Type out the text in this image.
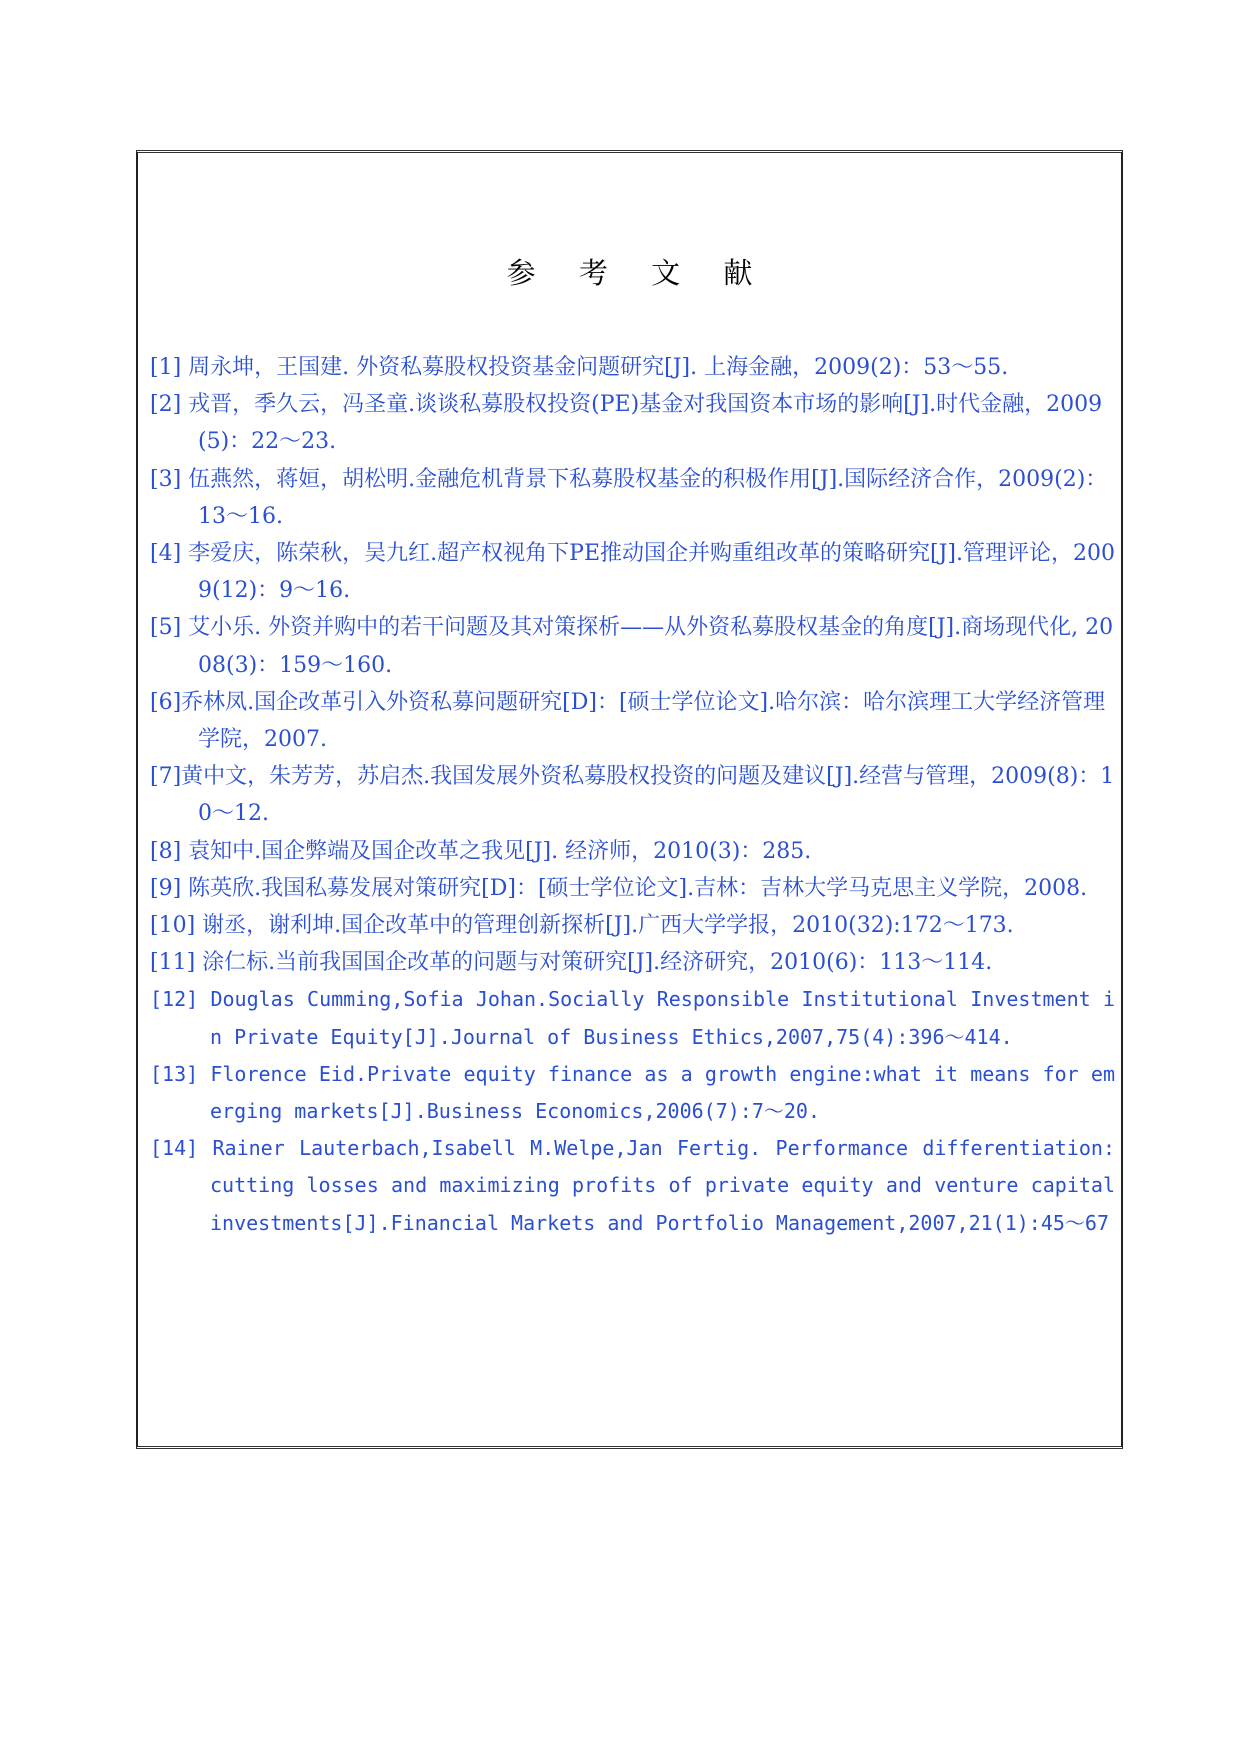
参 考 文 献
[1] 周永坤，王国建. 外资私募股权投资基金问题研究[J]. 上海金融，2009(2)：53～55.
[2] 戎晋，季久云，冯圣童.谈谈私募股权投资(PE)基金对我国资本市场的影响[J].时代金融，2009(5)：22～23.
[3] 伍燕然，蒋姮，胡松明.金融危机背景下私募股权基金的积极作用[J].国际经济合作，2009(2)：13～16.
[4] 李爱庆，陈荣秋，吴九红.超产权视角下PE推动国企并购重组改革的策略研究[J].管理评论，2009(12)：9～16.
[5] 艾小乐. 外资并购中的若干问题及其对策探析——从外资私募股权基金的角度[J].商场现代化, 2008(3)：159～160.
[6]乔林凤.国企改革引入外资私募问题研究[D]：[硕士学位论文].哈尔滨：哈尔滨理工大学经济管理学院，2007.
[7]黄中文，朱芳芳，苏启杰.我国发展外资私募股权投资的问题及建议[J].经营与管理，2009(8)：10～12.
[8] 袁知中.国企弊端及国企改革之我见[J]. 经济师，2010(3)：285.
[9] 陈英欣.我国私募发展对策研究[D]：[硕士学位论文].吉林：吉林大学马克思主义学院，2008.
[10] 谢丞，谢利坤.国企改革中的管理创新探析[J].广西大学学报，2010(32):172～173.
[11] 涂仁标.当前我国国企改革的问题与对策研究[J].经济研究，2010(6)：113～114.
[12] Douglas Cumming,Sofia Johan.Socially Responsible Institutional Investment in Private Equity[J].Journal of Business Ethics,2007,75(4):396～414.
[13] Florence Eid.Private equity finance as a growth engine:what it means for emerging markets[J].Business Economics,2006(7):7～20.
[14] Rainer Lauterbach,Isabell M.Welpe,Jan Fertig. Performance differentiation: cutting losses and maximizing profits of private equity and venture capital investments[J].Financial Markets and Portfolio Management,2007,21(1):45～67
